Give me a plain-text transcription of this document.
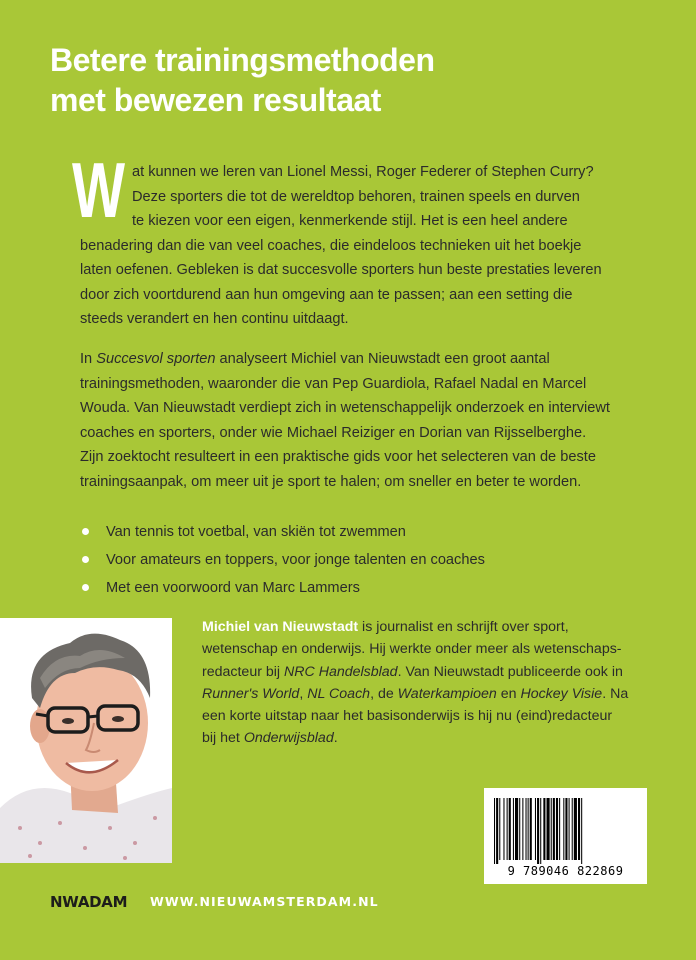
Betere trainingsmethoden
met bewezen resultaat
W at kunnen we leren van Lionel Messi, Roger Federer of Stephen Curry?
Deze sporters die tot de wereldtop behoren, trainen speels en durven
te kiezen voor een eigen, kenmerkende stijl. Het is een heel andere
benadering dan die van veel coaches, die eindeloos technieken uit het boekje
laten oefenen. Gebleken is dat succesvolle sporters hun beste prestaties leveren
door zich voortdurend aan hun omgeving aan te passen; aan een setting die
steeds verandert en hen continu uitdaagt.
In Succesvol sporten analyseert Michiel van Nieuwstadt een groot aantal
trainingsmethoden, waaronder die van Pep Guardiola, Rafael Nadal en Marcel
Wouda. Van Nieuwstadt verdiept zich in wetenschappelijk onderzoek en interviewt
coaches en sporters, onder wie Michael Reiziger en Dorian van Rijsselberghe.
Zijn zoektocht resulteert in een praktische gids voor het selecteren van de beste
trainingsaanpak, om meer uit je sport te halen; om sneller en beter te worden.
Van tennis tot voetbal, van skiën tot zwemmen
Voor amateurs en toppers, voor jonge talenten en coaches
Met een voorwoord van Marc Lammers
Michiel van Nieuwstadt is journalist en schrijft over sport,
wetenschap en onderwijs. Hij werkte onder meer als wetenschaps-
redacteur bij NRC Handelsblad. Van Nieuwstadt publiceerde ook in
Runner's World, NL Coach, de Waterkampioen en Hockey Visie. Na
een korte uitstap naar het basisonderwijs is hij nu (eind)redacteur
bij het Onderwijsblad.
9 789046 822869
NWADAM WWW.NIEUWAMSTERDAM.NL
